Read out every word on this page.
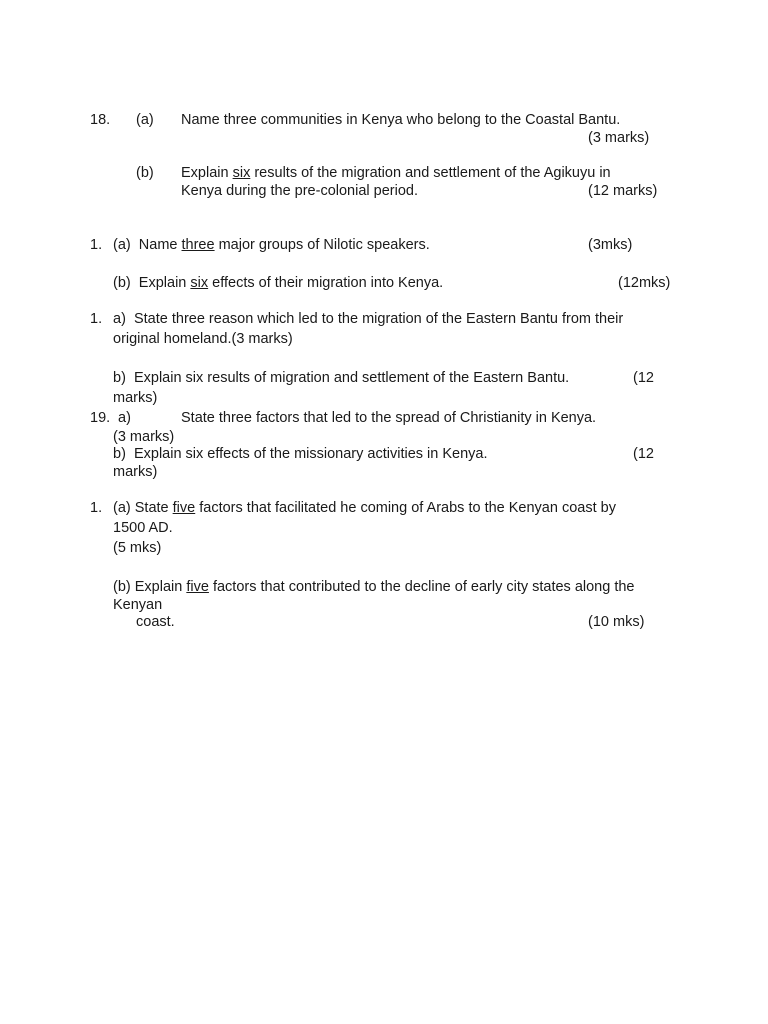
18. (a) Name three communities in Kenya who belong to the Coastal Bantu.
(3 marks)
(b) Explain six results of the migration and settlement of the Agikuyu in
Kenya during the pre-colonial period.	(12 marks)
1. (a) Name three major groups of Nilotic speakers.	(3mks)
(b) Explain six effects of their migration into Kenya.	(12mks)
1. a) State three reason which led to the migration of the Eastern Bantu from their
original homeland.(3 marks)
b) Explain six results of migration and settlement of the Eastern Bantu.	(12
marks)
19. a)	State three factors that led to the spread of Christianity in Kenya.
(3 marks)
b) Explain six effects of the missionary activities in Kenya.	(12
marks)
1. (a) State five factors that facilitated he coming of Arabs to the Kenyan coast by
1500 AD.
(5 mks)
(b) Explain five factors that contributed to the decline of early city states along the
Kenyan
coast.	(10 mks)
